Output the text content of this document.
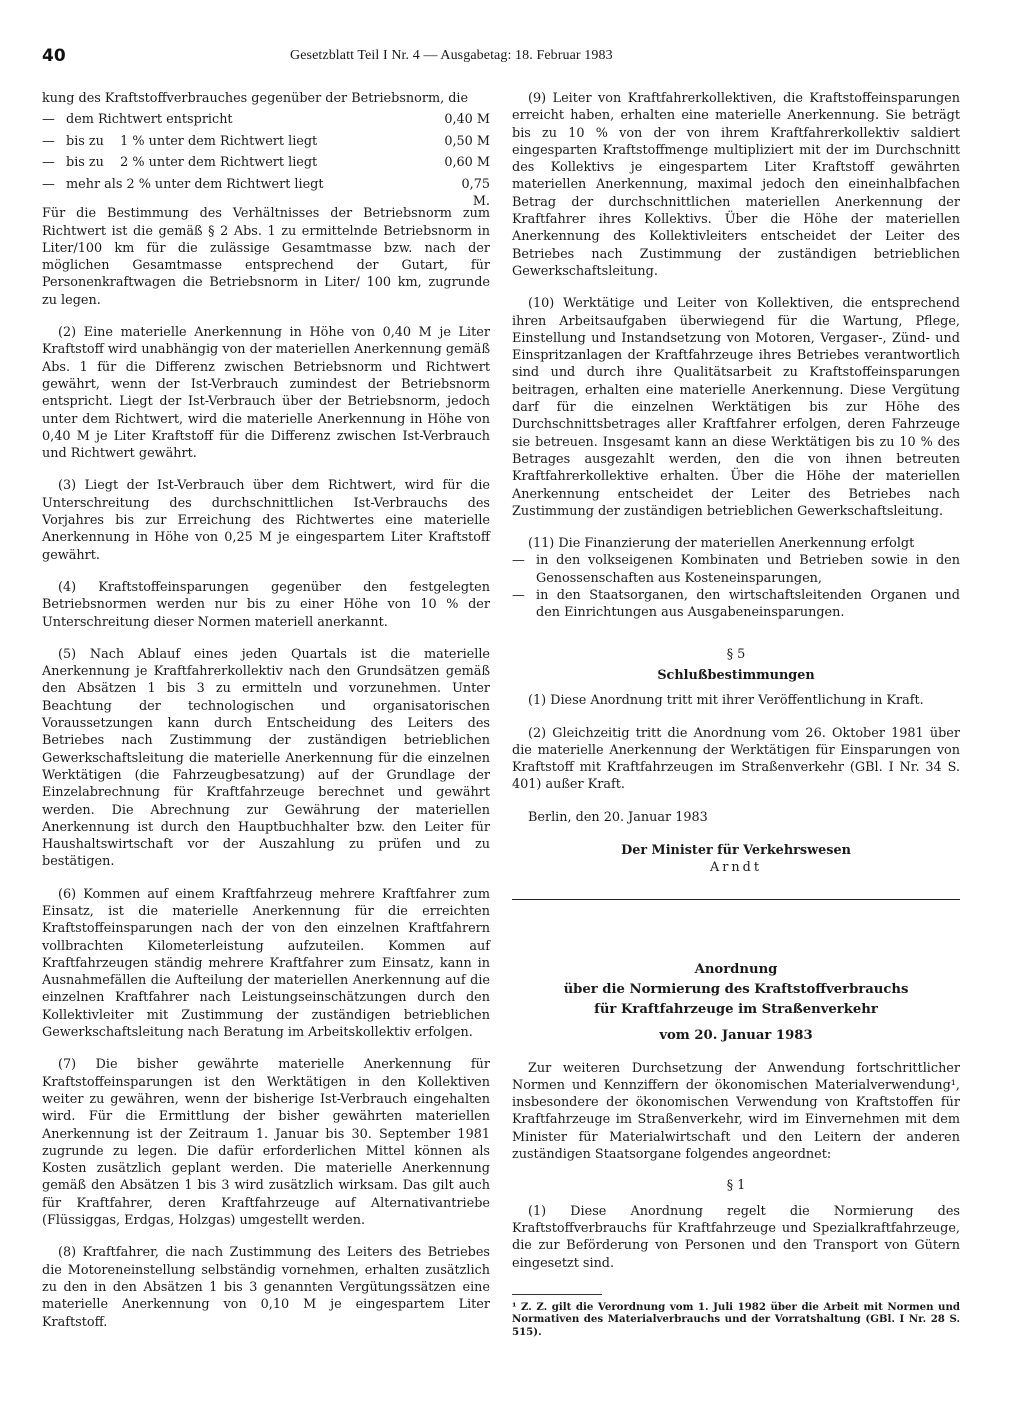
40	Gesetzblatt Teil I Nr. 4 — Ausgabetag: 18. Februar 1983

kung des Kraftstoffverbrauches gegenüber der Betriebsnorm, die

— dem Richtwert entspricht	0,40 M
— bis zu    1 % unter dem Richtwert liegt	0,50 M
— bis zu    2 % unter dem Richtwert liegt	0,60 M
— mehr als 2 % unter dem Richtwert liegt	0,75 M.

Für die Bestimmung des Verhältnisses der Betriebsnorm zum Richtwert ist die gemäß § 2 Abs. 1 zu ermittelnde Betriebsnorm in Liter/100 km für die zulässige Gesamtmasse bzw. nach der möglichen Gesamtmasse entsprechend der Gutart, für Personenkraftwagen die Betriebsnorm in Liter/ 100 km, zugrunde zu legen.

(2) Eine materielle Anerkennung in Höhe von 0,40 M je Liter Kraftstoff wird unabhängig von der materiellen Anerkennung gemäß Abs. 1 für die Differenz zwischen Betriebsnorm und Richtwert gewährt, wenn der Ist-Verbrauch zumindest der Betriebsnorm entspricht. Liegt der Ist-Verbrauch über der Betriebsnorm, jedoch unter dem Richtwert, wird die materielle Anerkennung in Höhe von 0,40 M je Liter Kraftstoff für die Differenz zwischen Ist-Verbrauch und Richtwert gewährt.

(3) Liegt der Ist-Verbrauch über dem Richtwert, wird für die Unterschreitung des durchschnittlichen Ist-Verbrauchs des Vorjahres bis zur Erreichung des Richtwertes eine materielle Anerkennung in Höhe von 0,25 M je eingespartem Liter Kraftstoff gewährt.

(4) Kraftstoffeinsparungen gegenüber den festgelegten Betriebsnormen werden nur bis zu einer Höhe von 10 % der Unterschreitung dieser Normen materiell anerkannt.

(5) Nach Ablauf eines jeden Quartals ist die materielle Anerkennung je Kraftfahrerkollektiv nach den Grundsätzen gemäß den Absätzen 1 bis 3 zu ermitteln und vorzunehmen. Unter Beachtung der technologischen und organisatorischen Voraussetzungen kann durch Entscheidung des Leiters des Betriebes nach Zustimmung der zuständigen betrieblichen Gewerkschaftsleitung die materielle Anerkennung für die einzelnen Werktätigen (die Fahrzeugbesatzung) auf der Grundlage der Einzelabrechnung für Kraftfahrzeuge berechnet und gewährt werden. Die Abrechnung zur Gewährung der materiellen Anerkennung ist durch den Hauptbuchhalter bzw. den Leiter für Haushaltswirtschaft vor der Auszahlung zu prüfen und zu bestätigen.

(6) Kommen auf einem Kraftfahrzeug mehrere Kraftfahrer zum Einsatz, ist die materielle Anerkennung für die erreichten Kraftstoffeinsparungen nach der von den einzelnen Kraftfahrern vollbrachten Kilometerleistung aufzuteilen. Kommen auf Kraftfahrzeugen ständig mehrere Kraftfahrer zum Einsatz, kann in Ausnahmefällen die Aufteilung der materiellen Anerkennung auf die einzelnen Kraftfahrer nach Leistungseinschätzungen durch den Kollektivleiter mit Zustimmung der zuständigen betrieblichen Gewerkschaftsleitung nach Beratung im Arbeitskollektiv erfolgen.

(7) Die bisher gewährte materielle Anerkennung für Kraftstoffeinsparungen ist den Werktätigen in den Kollektiven weiter zu gewähren, wenn der bisherige Ist-Verbrauch eingehalten wird. Für die Ermittlung der bisher gewährten materiellen Anerkennung ist der Zeitraum 1. Januar bis 30. September 1981 zugrunde zu legen. Die dafür erforderlichen Mittel können als Kosten zusätzlich geplant werden. Die materielle Anerkennung gemäß den Absätzen 1 bis 3 wird zusätzlich wirksam. Das gilt auch für Kraftfahrer, deren Kraftfahrzeuge auf Alternativantriebe (Flüssiggas, Erdgas, Holzgas) umgestellt werden.

(8) Kraftfahrer, die nach Zustimmung des Leiters des Betriebes die Motoreneinstellung selbständig vornehmen, erhalten zusätzlich zu den in den Absätzen 1 bis 3 genannten Vergütungssätzen eine materielle Anerkennung von 0,10 M je eingespartem Liter Kraftstoff.

(9) Leiter von Kraftfahrerkollektiven, die Kraftstoffeinsparungen erreicht haben, erhalten eine materielle Anerkennung. Sie beträgt bis zu 10 % von der von ihrem Kraftfahrerkollektiv saldiert eingesparten Kraftstoffmenge multipliziert mit der im Durchschnitt des Kollektivs je eingespartem Liter Kraftstoff gewährten materiellen Anerkennung, maximal jedoch den eineinhalbfachen Betrag der durchschnittlichen materiellen Anerkennung der Kraftfahrer ihres Kollektivs. Über die Höhe der materiellen Anerkennung des Kollektivleiters entscheidet der Leiter des Betriebes nach Zustimmung der zuständigen betrieblichen Gewerkschaftsleitung.

(10) Werktätige und Leiter von Kollektiven, die entsprechend ihren Arbeitsaufgaben überwiegend für die Wartung, Pflege, Einstellung und Instandsetzung von Motoren, Vergaser-, Zünd- und Einspritzanlagen der Kraftfahrzeuge ihres Betriebes verantwortlich sind und durch ihre Qualitätsarbeit zu Kraftstoffeinsparungen beitragen, erhalten eine materielle Anerkennung. Diese Vergütung darf für die einzelnen Werktätigen bis zur Höhe des Durchschnittsbetrages aller Kraftfahrer erfolgen, deren Fahrzeuge sie betreuen. Insgesamt kann an diese Werktätigen bis zu 10 % des Betrages ausgezahlt werden, den die von ihnen betreuten Kraftfahrerkollektive erhalten. Über die Höhe der materiellen Anerkennung entscheidet der Leiter des Betriebes nach Zustimmung der zuständigen betrieblichen Gewerkschaftsleitung.

(11) Die Finanzierung der materiellen Anerkennung erfolgt

— in den volkseigenen Kombinaten und Betrieben sowie in den Genossenschaften aus Kosteneinsparungen,
— in den Staatsorganen, den wirtschaftsleitenden Organen und den Einrichtungen aus Ausgabeneinsparungen.

§ 5

Schlußbestimmungen

(1) Diese Anordnung tritt mit ihrer Veröffentlichung in Kraft.

(2) Gleichzeitig tritt die Anordnung vom 26. Oktober 1981 über die materielle Anerkennung der Werktätigen für Einsparungen von Kraftstoff mit Kraftfahrzeugen im Straßenverkehr (GBl. I Nr. 34 S. 401) außer Kraft.

Berlin, den 20. Januar 1983

Der Minister für Verkehrswesen

Arndt

Anordnung
über die Normierung des Kraftstoffverbrauchs
für Kraftfahrzeuge im Straßenverkehr
vom 20. Januar 1983

Zur weiteren Durchsetzung der Anwendung fortschrittlicher Normen und Kennziffern der ökonomischen Materialverwendung¹, insbesondere der ökonomischen Verwendung von Kraftstoffen für Kraftfahrzeuge im Straßenverkehr, wird im Einvernehmen mit dem Minister für Materialwirtschaft und den Leitern der anderen zuständigen Staatsorgane folgendes angeordnet:

§ 1

(1) Diese Anordnung regelt die Normierung des Kraftstoffverbrauchs für Kraftfahrzeuge und Spezialkraftfahrzeuge, die zur Beförderung von Personen und den Transport von Gütern eingesetzt sind.

¹ Z. Z. gilt die Verordnung vom 1. Juli 1982 über die Arbeit mit Normen und Normativen des Materialverbrauchs und der Vorratshaltung (GBl. I Nr. 28 S. 515).
